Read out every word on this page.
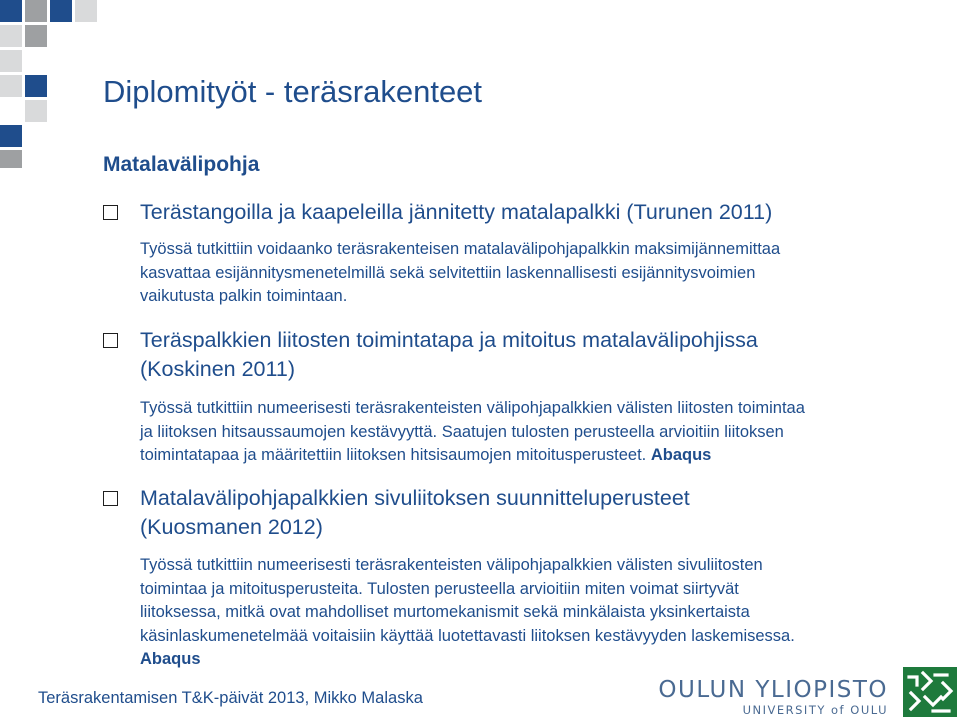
Diplomityöt - teräsrakenteet
Matalavälipohja
Terästangoilla ja kaapeleilla jännitetty matalapalkki (Turunen 2011)
Työssä tutkittiin voidaanko teräsrakenteisen matalavälipohjapalkkin maksimijännemittaa
kasvattaa esijännitysmenetelmillä sekä selvitettiin laskennallisesti esijännitysvoimien
vaikutusta palkin toimintaan.
Teräspalkkien liitosten toimintatapa ja mitoitus matalavälipohjissa
(Koskinen 2011)
Työssä tutkittiin numeerisesti teräsrakenteisten välipohjapalkkien välisten liitosten toimintaa
ja liitoksen hitsaussaumojen kestävyyttä. Saatujen tulosten perusteella arvioitiin liitoksen
toimintatapaa ja määritettiin liitoksen hitsisaumojen mitoitusperusteet. Abaqus
Matalavälipohjapalkkien sivuliitoksen suunnitteluperusteet
(Kuosmanen 2012)
Työssä tutkittiin numeerisesti teräsrakenteisten välipohjapalkkien välisten sivuliitosten
toimintaa ja mitoitusperusteita. Tulosten perusteella arvioitiin miten voimat siirtyvät
liitoksessa, mitkä ovat mahdolliset murtomekanismit sekä minkälaista yksinkertaista
käsinlaskumenetelmää voitaisiin käyttää luotettavasti liitoksen kestävyyden laskemisessa.
Abaqus
Teräsrakentamisen T&K-päivät 2013, Mikko Malaska	OULUN YLIOPISTO
UNIVERSITY of OULU
